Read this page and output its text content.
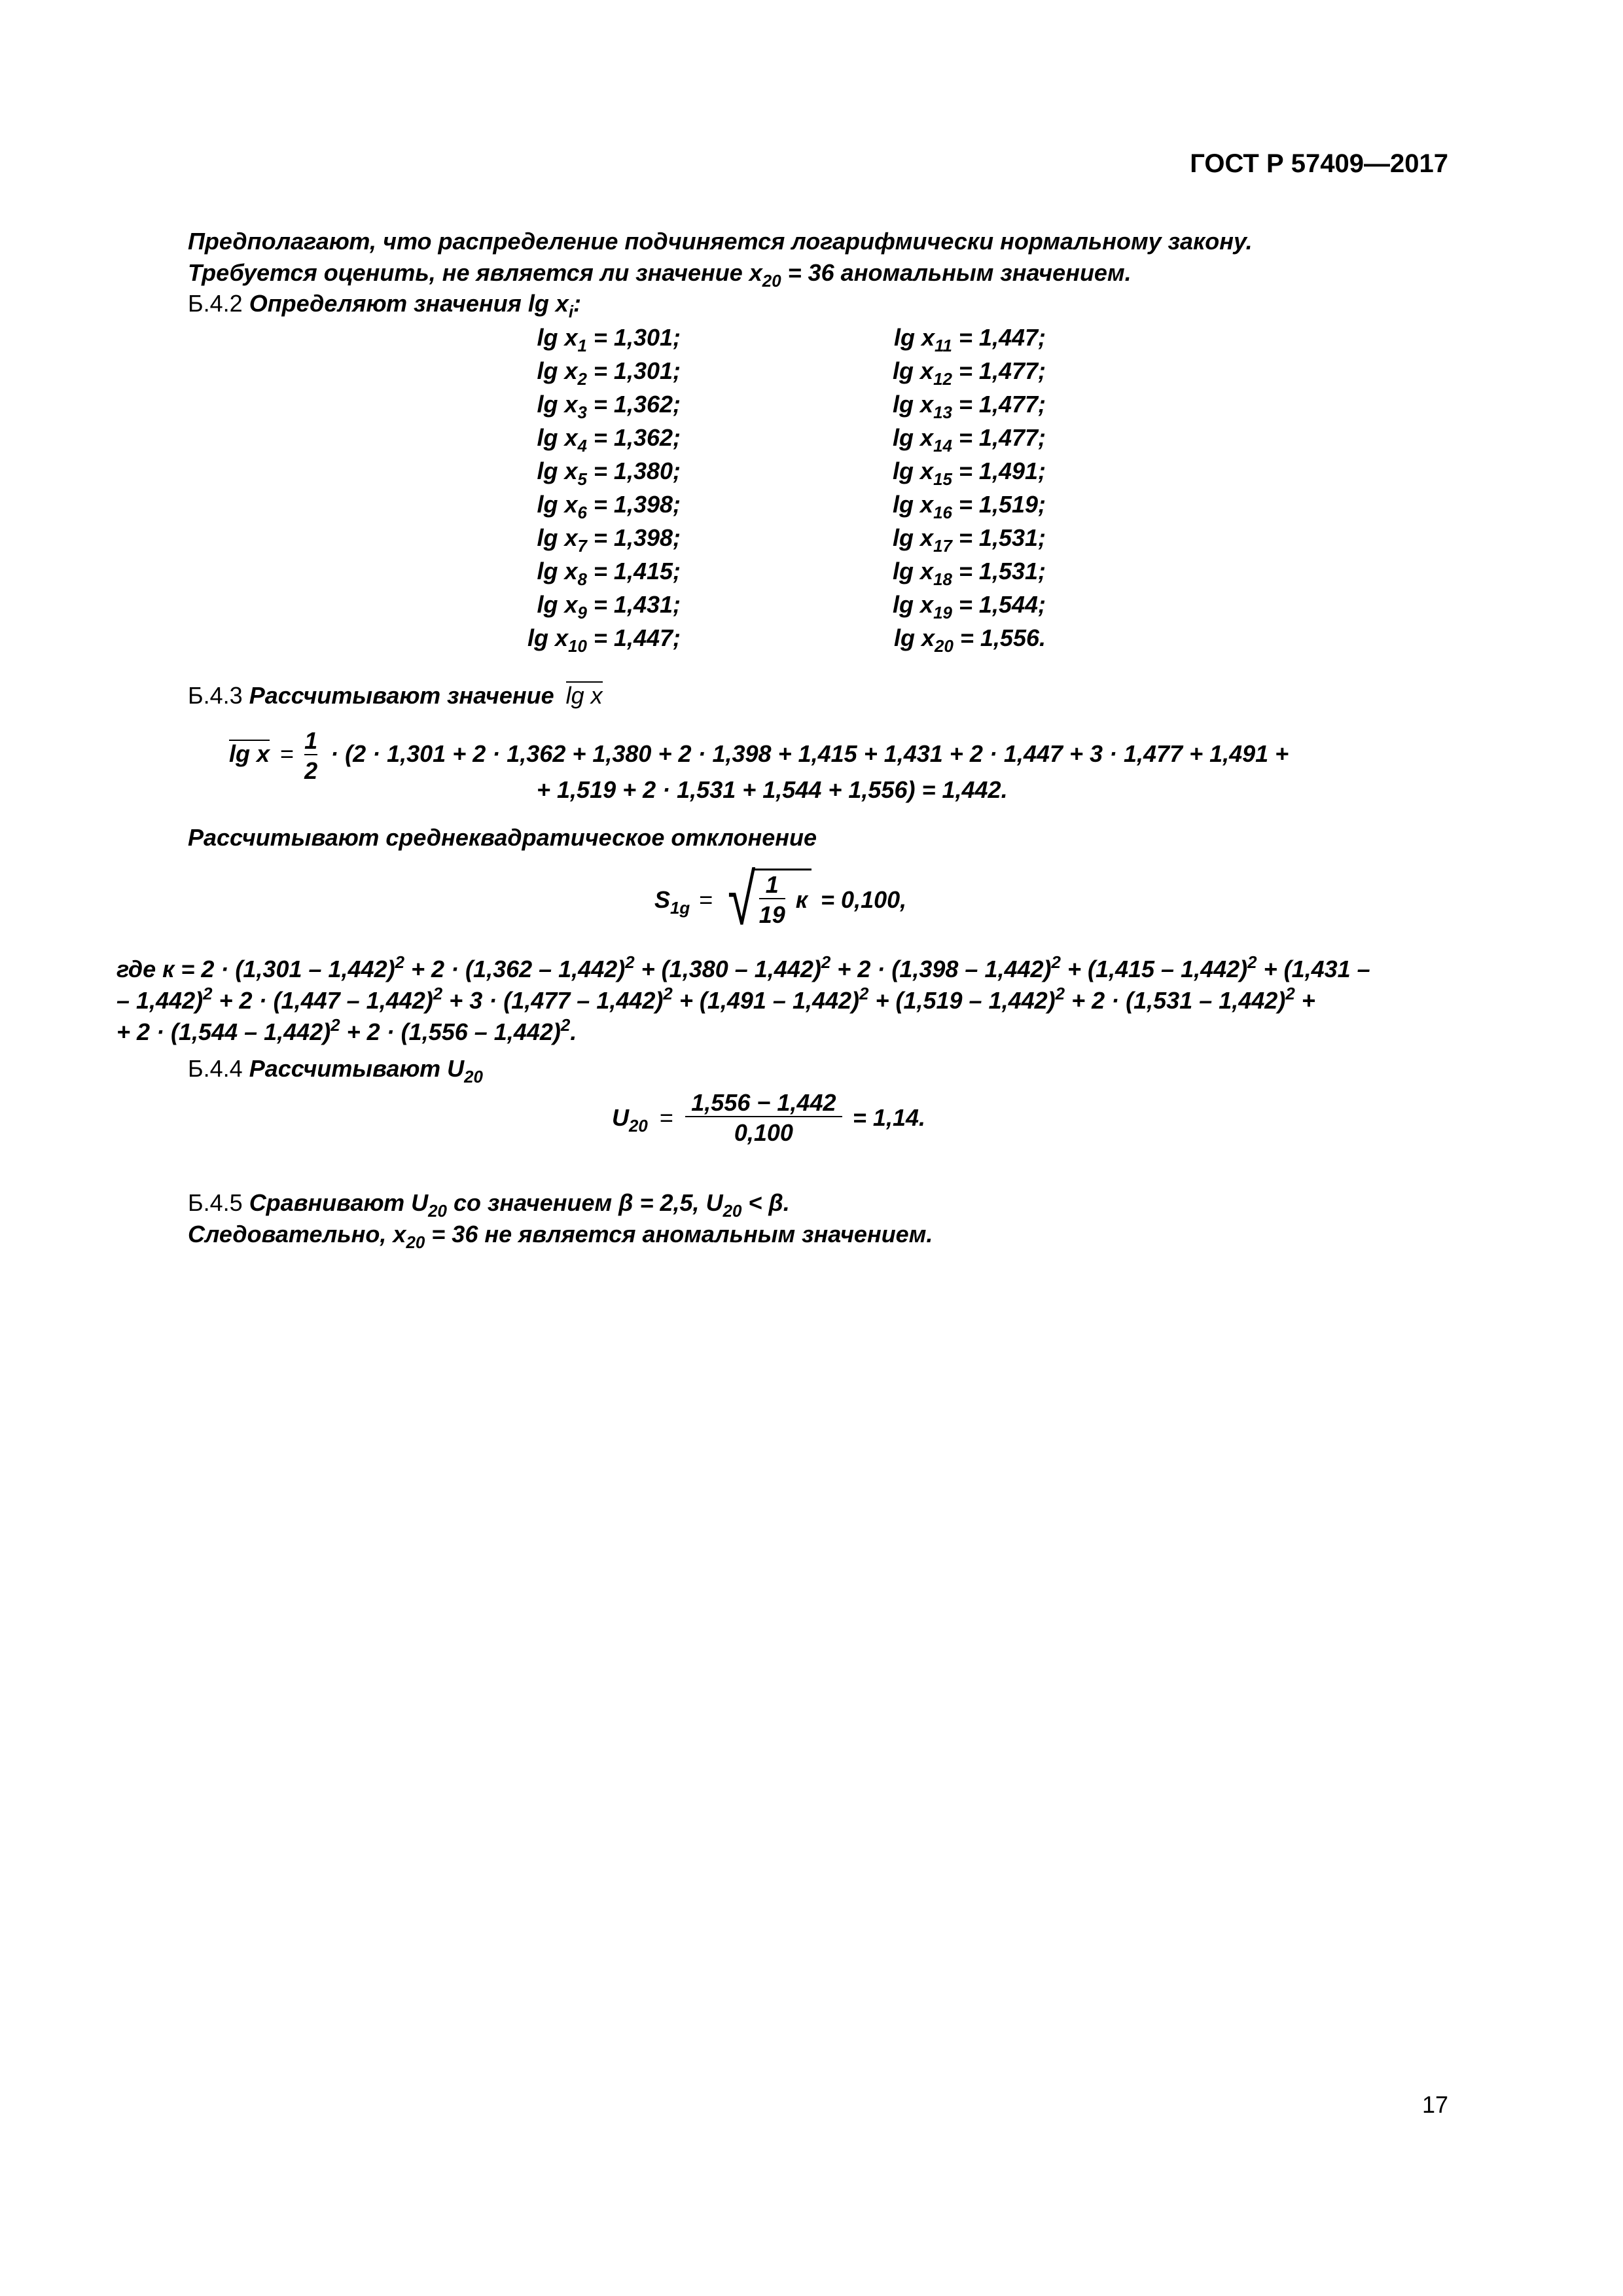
ГОСТ Р 57409—2017
Предполагают, что распределение подчиняется логарифмически нормальному закону.
Требуется оценить, не является ли значение $x_{20} = 36$ аномальным значением.
Б.4.2 Определяют значения $\lg x_i$:
$\lg x_1 = 1,301$;
$\lg x_2 = 1,301$;
$\lg x_3 = 1,362$;
$\lg x_4 = 1,362$;
$\lg x_5 = 1,380$;
$\lg x_6 = 1,398$;
$\lg x_7 = 1,398$;
$\lg x_8 = 1,415$;
$\lg x_9 = 1,431$;
$\lg x_{10} = 1,447$;
$\lg x_{11} = 1,447$;
$\lg x_{12} = 1,477$;
$\lg x_{13} = 1,477$;
$\lg x_{14} = 1,477$;
$\lg x_{15} = 1,491$;
$\lg x_{16} = 1,519$;
$\lg x_{17} = 1,531$;
$\lg x_{18} = 1,531$;
$\lg x_{19} = 1,544$;
$\lg x_{20} = 1,556$.
Б.4.3 Рассчитывают значение lg x
$\lg x = \frac{1}{2} \cdot (2 \cdot 1,301 + 2 \cdot 1,362 + 1,380 + 2 \cdot 1,398 + 1,415 + 1,431 + 2 \cdot 1,447 + 3 \cdot 1,477 + 1,491$ +
+ 1,519 + 2 · 1,531 + 1,544 + 1,556) = 1,442.
Рассчитывают среднеквадратическое отклонение
$S_{1g}$ = √ $\frac{1}{19}$ к = 0,100,
где к = 2 · (1,301 – 1,442)$^2$ + 2 · (1,362 – 1,442)$^2$ + (1,380 – 1,442)$^2$ + 2 · (1,398 – 1,442)$^2$ + (1,415 – 1,442)$^2$ + (1,431 –
– 1,442)$^2$ + 2 · (1,447 – 1,442)$^2$ + 3 · (1,477 – 1,442)$^2$ + (1,491 – 1,442)$^2$ + (1,519 – 1,442)$^2$ + 2 · (1,531 – 1,442)$^2$ +
+ 2 · (1,544 – 1,442)$^2$ + 2 · (1,556 – 1,442)$^2$.
Б.4.4 Рассчитывают $U_{20}$
$U_{20} = \frac{1,556 - 1,442}{0,100} = 1,14$.
Б.4.5 Сравнивают $U_{20}$ со значением β = 2,5, $U_{20} < \beta$.
Следовательно, $x_{20} = 36$ не является аномальным значением.
17
